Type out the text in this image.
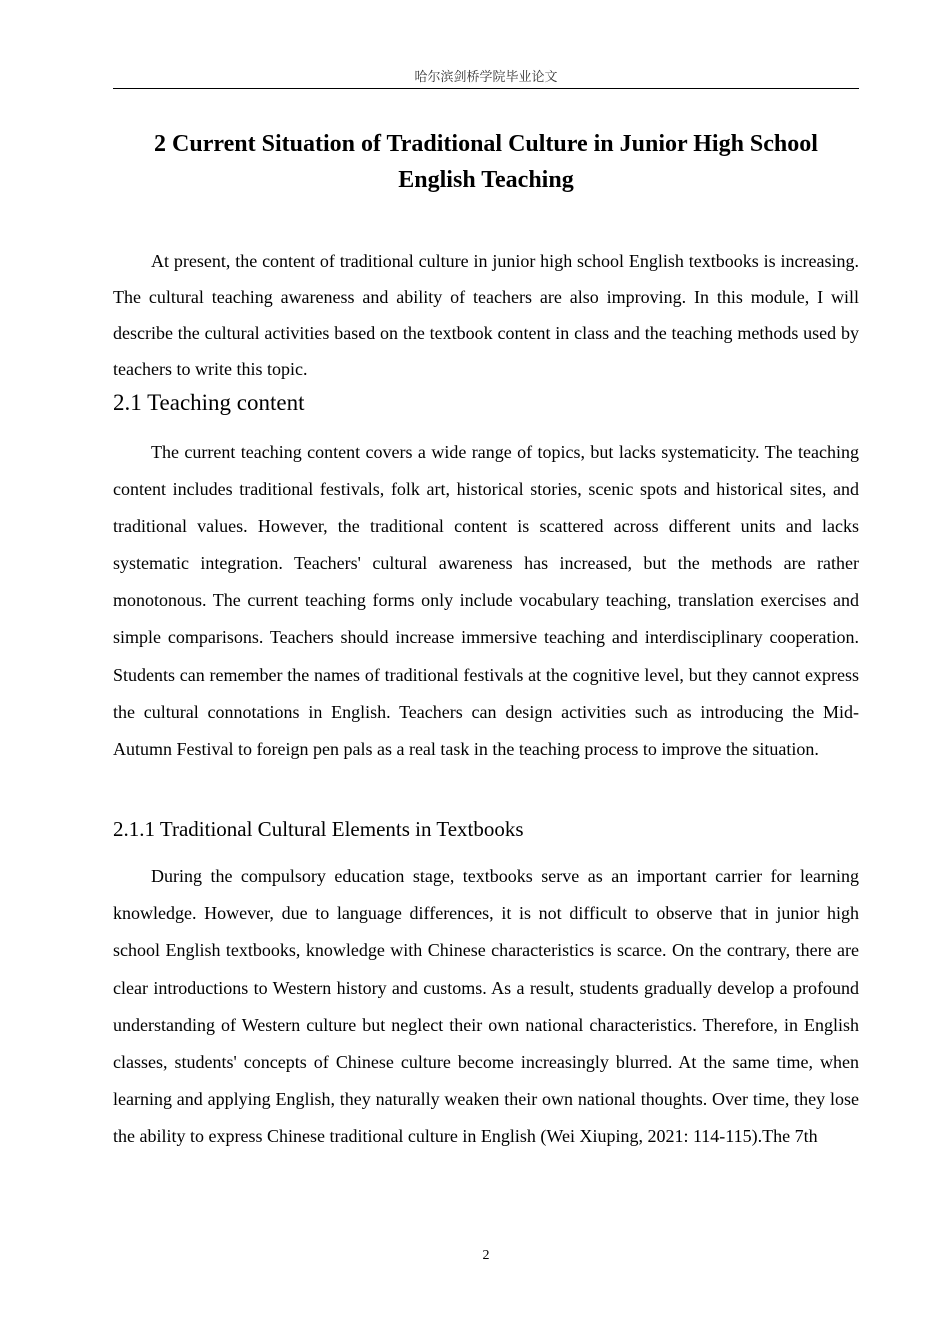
哈尔滨剑桥学院毕业论文
2 Current Situation of Traditional Culture in Junior High School English Teaching

At present, the content of traditional culture in junior high school English textbooks is increasing. The cultural teaching awareness and ability of teachers are also improving. In this module, I will describe the cultural activities based on the textbook content in class and the teaching methods used by teachers to write this topic.

2.1 Teaching content

The current teaching content covers a wide range of topics, but lacks systematicity. The teaching content includes traditional festivals, folk art, historical stories, scenic spots and historical sites, and traditional values. However, the traditional content is scattered across different units and lacks systematic integration. Teachers' cultural awareness has increased, but the methods are rather monotonous. The current teaching forms only include vocabulary teaching, translation exercises and simple comparisons. Teachers should increase immersive teaching and interdisciplinary cooperation. Students can remember the names of traditional festivals at the cognitive level, but they cannot express the cultural connotations in English. Teachers can design activities such as introducing the Mid-Autumn Festival to foreign pen pals as a real task in the teaching process to improve the situation.

2.1.1 Traditional Cultural Elements in Textbooks

During the compulsory education stage, textbooks serve as an important carrier for learning knowledge. However, due to language differences, it is not difficult to observe that in junior high school English textbooks, knowledge with Chinese characteristics is scarce. On the contrary, there are clear introductions to Western history and customs. As a result, students gradually develop a profound understanding of Western culture but neglect their own national characteristics. Therefore, in English classes, students' concepts of Chinese culture become increasingly blurred. At the same time, when learning and applying English, they naturally weaken their own national thoughts. Over time, they lose the ability to express Chinese traditional culture in English (Wei Xiuping, 2021: 114-115).The 7th

2
